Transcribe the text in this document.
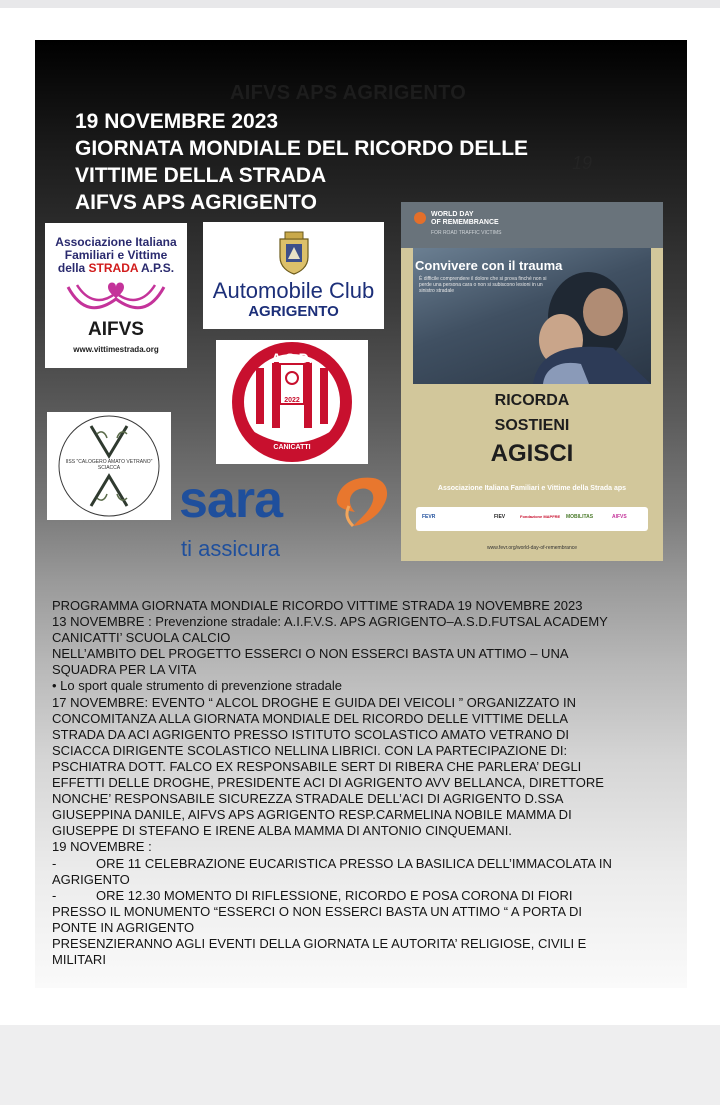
AIFVS APS AGRIGENTO
19
19 NOVEMBRE 2023
GIORNATA MONDIALE DEL RICORDO DELLE
VITTIME DELLA STRADA
AIFVS APS AGRIGENTO
Associazione Italiana
Familiari e Vittime
della STRADA A.P.S.
AIFVS
www.vittimestrada.org
Automobile Club
AGRIGENTO
A.S.D.
2022
FUTSAL
ACADEMY
CANICATTI
IISS "CALOGERO AMATO VETRANO"
SCIACCA
sara
ti assicura
WORLD DAY
OF REMEMBRANCE
FOR ROAD TRAFFIC VICTIMS
Convivere con il trauma
È difficile comprendere il dolore che si prova finché non si perde una persona cara o non si subiscono lesioni in un sinistro stradale
RICORDA
SOSTIENI
AGISCI
Associazione Italiana Familiari e Vittime della Strada aps
FEVR	FIEV	Fondazione MAPFRE MOBILITAS	AIFVS
www.fevr.org/world-day-of-remembrance
PROGRAMMA GIORNATA MONDIALE RICORDO VITTIME STRADA 19 NOVEMBRE 2023
13 NOVEMBRE : Prevenzione stradale: A.I.F.V.S. APS AGRIGENTO–A.S.D.FUTSAL ACADEMY
CANICATTI’ SCUOLA CALCIO
NELL’AMBITO DEL PROGETTO ESSERCI O NON ESSERCI BASTA UN ATTIMO – UNA
SQUADRA PER LA VITA
• Lo sport quale strumento di prevenzione stradale
17 NOVEMBRE: EVENTO “ ALCOL DROGHE E GUIDA DEI VEICOLI ” ORGANIZZATO IN
CONCOMITANZA ALLA GIORNATA MONDIALE DEL RICORDO DELLE VITTIME DELLA
STRADA DA ACI AGRIGENTO PRESSO ISTITUTO SCOLASTICO AMATO VETRANO DI
SCIACCA DIRIGENTE SCOLASTICO NELLINA LIBRICI. CON LA PARTECIPAZIONE DI:
PSCHIATRA DOTT. FALCO EX RESPONSABILE SERT DI RIBERA CHE PARLERA’ DEGLI
EFFETTI DELLE DROGHE, PRESIDENTE ACI DI AGRIGENTO AVV BELLANCA, DIRETTORE
NONCHE’ RESPONSABILE SICUREZZA STRADALE DELL’ACI DI AGRIGENTO D.SSA
GIUSEPPINA DANILE, AIFVS APS AGRIGENTO RESP.CARMELINA NOBILE MAMMA DI
GIUSEPPE DI STEFANO E IRENE ALBA MAMMA DI ANTONIO CINQUEMANI.
19 NOVEMBRE :
-	ORE 11 CELEBRAZIONE EUCARISTICA PRESSO LA BASILICA DELL’IMMACOLATA IN
AGRIGENTO
-	ORE 12.30 MOMENTO DI RIFLESSIONE, RICORDO E POSA CORONA DI FIORI
PRESSO IL MONUMENTO “ESSERCI O NON ESSERCI BASTA UN ATTIMO “ A PORTA DI
PONTE IN AGRIGENTO
PRESENZIERANNO AGLI EVENTI DELLA GIORNATA LE AUTORITA’ RELIGIOSE, CIVILI E
MILITARI
